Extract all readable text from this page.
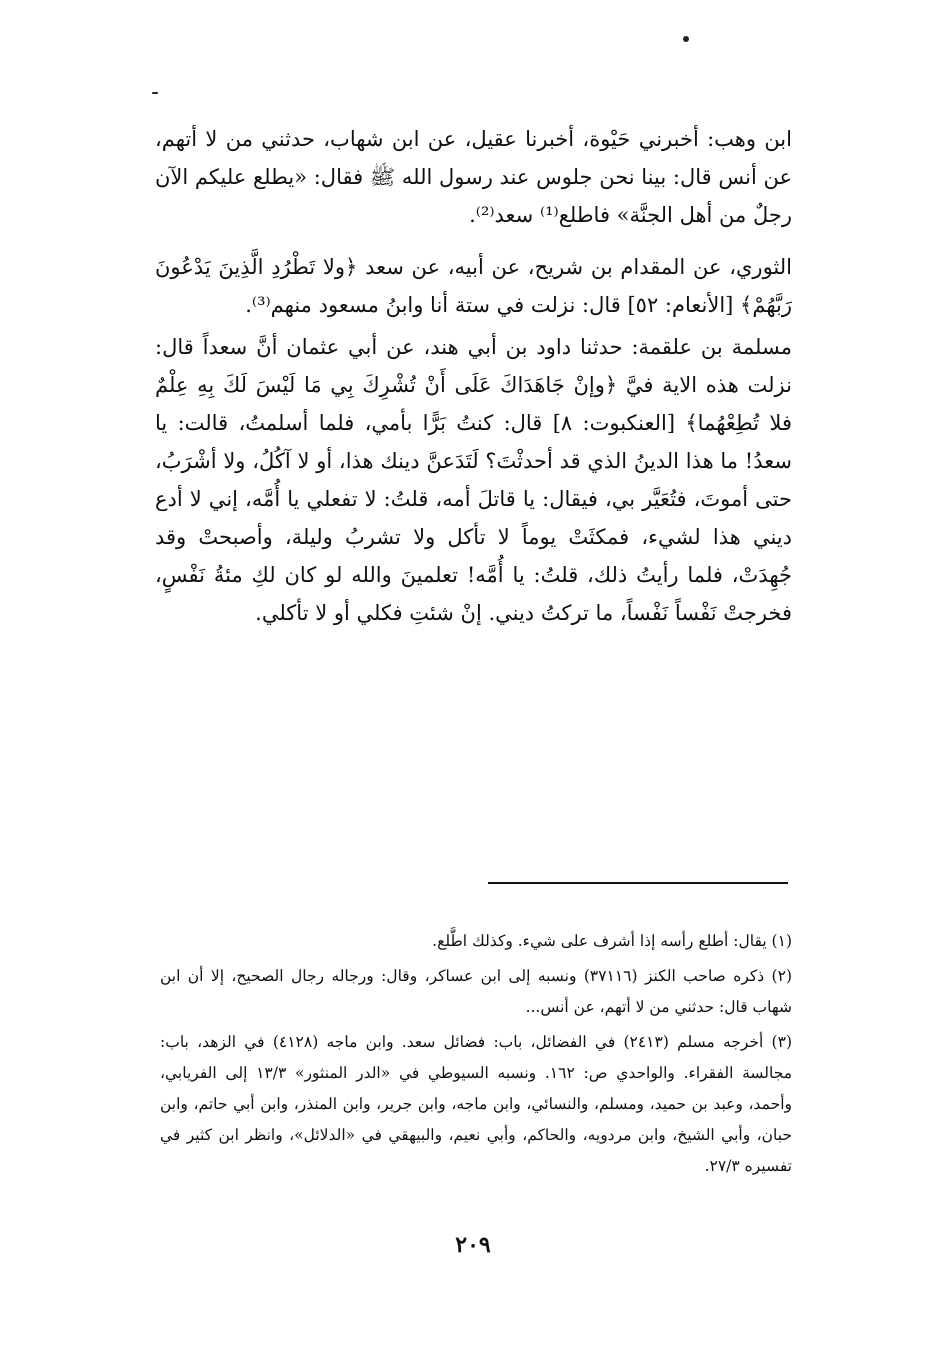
ابن وهب: أخبرني حَيْوة، أخبرنا عقيل، عن ابن شهاب، حدثني من لا أتهم، عن أنس قال: بينا نحن جلوس عند رسول الله ﷺ فقال: «يطلع عليكم الآن رجلٌ من أهل الجنَّة» فاطلع⁽¹⁾ سعد⁽²⁾.

الثوري، عن المقدام بن شريح، عن أبيه، عن سعد ﴿ولا تَطْرُدِ الَّذِينَ يَدْعُونَ رَبَّهُمْ﴾ [الأنعام: ٥٢] قال: نزلت في ستة أنا وابنُ مسعود منهم⁽³⁾.

مسلمة بن علقمة: حدثنا داود بن أبي هند، عن أبي عثمان أنَّ سعداً قال: نزلت هذه الاية فيَّ ﴿وإنْ جَاهَدَاكَ عَلَى أَنْ تُشْرِكَ بِي مَا لَيْسَ لَكَ بِهِ عِلْمٌ فلا تُطِعْهُما﴾ [العنكبوت: ٨] قال: كنتُ بَرًّا بأمي، فلما أسلمتُ، قالت: يا سعدُ! ما هذا الدينُ الذي قد أحدثْتَ؟ لَتَدَعنَّ دينك هذا، أو لا آكُلُ، ولا أشْرَبُ، حتى أموتَ، فتُعَيَّر بي، فيقال: يا قاتلَ أمه، قلتُ: لا تفعلي يا أُمَّه، إني لا أدع ديني هذا لشيء، فمكثَتْ يوماً لا تأكل ولا تشربُ وليلة، وأصبحتْ وقد جُهِدَتْ، فلما رأيتُ ذلك، قلتُ: يا أُمَّه! تعلمينَ والله لو كان لكِ مئةُ نَفْسٍ، فخرجتْ نَفْساً نَفْساً، ما تركتُ ديني. إنْ شئتِ فكلي أو لا تأكلي.

(١) يقال: أطلع رأسه إذا أشرف على شيء. وكذلك اطَّلع.

(٢) ذكره صاحب الكنز (٣٧١١٦) ونسبه إلى ابن عساكر، وقال: ورجاله رجال الصحيح، إلا أن ابن شهاب قال: حدثني من لا أتهم، عن أنس...

(٣) أخرجه مسلم (٢٤١٣) في الفضائل، باب: فضائل سعد. وابن ماجه (٤١٢٨) في الزهد، باب: مجالسة الفقراء. والواحدي ص: ١٦٢. ونسبه السيوطي في «الدر المنثور» ١٣/٣ إلى الفريابي، وأحمد، وعبد بن حميد، ومسلم، والنسائي، وابن ماجه، وابن جرير، وابن المنذر، وابن أبي حاتم، وابن حبان، وأبي الشيخ، وابن مردويه، والحاكم، وأبي نعيم، والبيهقي في «الدلائل»، وانظر ابن كثير في تفسيره ٢٧/٣.

٢٠٩
